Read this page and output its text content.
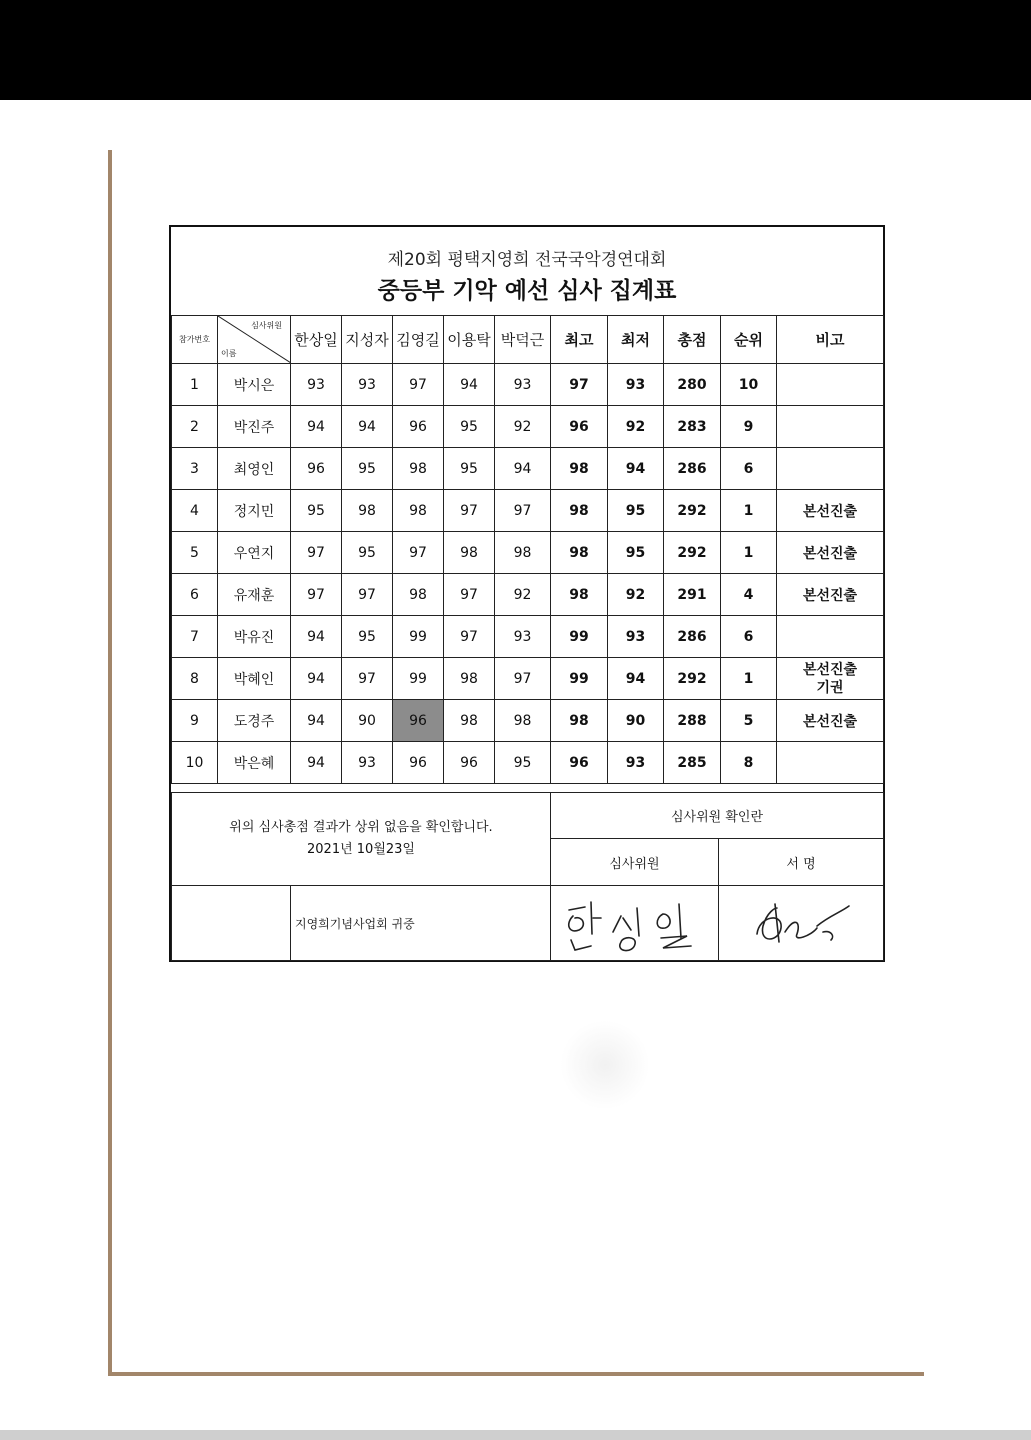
제20회 평택지영희 전국국악경연대회
중등부 기악 예선 심사 집계표
참가번호	심사위원
이름	한상일	지성자	김영길	이용탁	박덕근	최고	최저	총점	순위	비고
1	박시은	93	93	97	94	93	97	93	280	10	
2	박진주	94	94	96	95	92	96	92	283	9	
3	최영인	96	95	98	95	94	98	94	286	6	
4	정지민	95	98	98	97	97	98	95	292	1	본선진출
5	우연지	97	95	97	98	98	98	95	292	1	본선진출
6	유재훈	97	97	98	97	92	98	92	291	4	본선진출
7	박유진	94	95	99	97	93	99	93	286	6	
8	박혜인	94	97	99	98	97	99	94	292	1	본선진출
기권

9	도경주	94	90	96	98	98	98	90	288	5	본선진출
10	박은혜	94	93	96	96	95	96	93	285	8	
위의 심사총점 결과가 상위 없음을 확인합니다.
2021년 10월23일		심사위원 확인란	
		심사위원	서 명
	지영희기념사업회 귀중	
